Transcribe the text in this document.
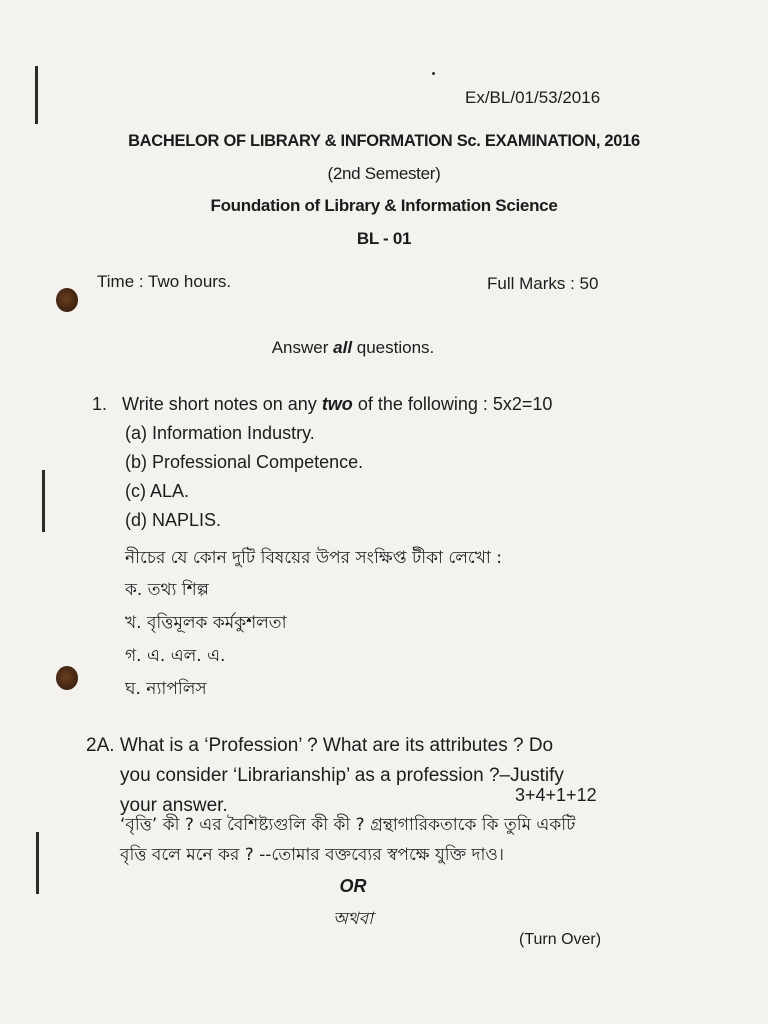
Ex/BL/01/53/2016
BACHELOR OF LIBRARY & INFORMATION Sc. EXAMINATION, 2016
(2nd Semester)
Foundation of Library & Information Science
BL - 01
Time : Two hours.	Full Marks : 50
Answer all questions.
1. Write short notes on any two of the following : 5x2=10
(a) Information Industry.
(b) Professional Competence.
(c) ALA.
(d) NAPLIS.
নীচের যে কোন দুটি বিষয়ের উপর সংক্ষিপ্ত টীকা লেখো :
ক. তথ্য শিল্প
খ. বৃত্তিমূলক কর্মকুশলতা
গ. এ. এল. এ.
ঘ. ন্যাপলিস
2A. What is a ‘Profession’ ? What are its attributes ? Do
you consider ‘Librarianship’ as a profession ?–Justify
your answer.	3+4+1+12
‘বৃত্তি’ কী ? এর বৈশিষ্ট্যগুলি কী কী ? গ্রন্থাগারিকতাকে কি তুমি একটি
বৃত্তি বলে মনে কর ? --তোমার বক্তব্যের স্বপক্ষে যুক্তি দাও।
OR
অথবা
(Turn Over)
